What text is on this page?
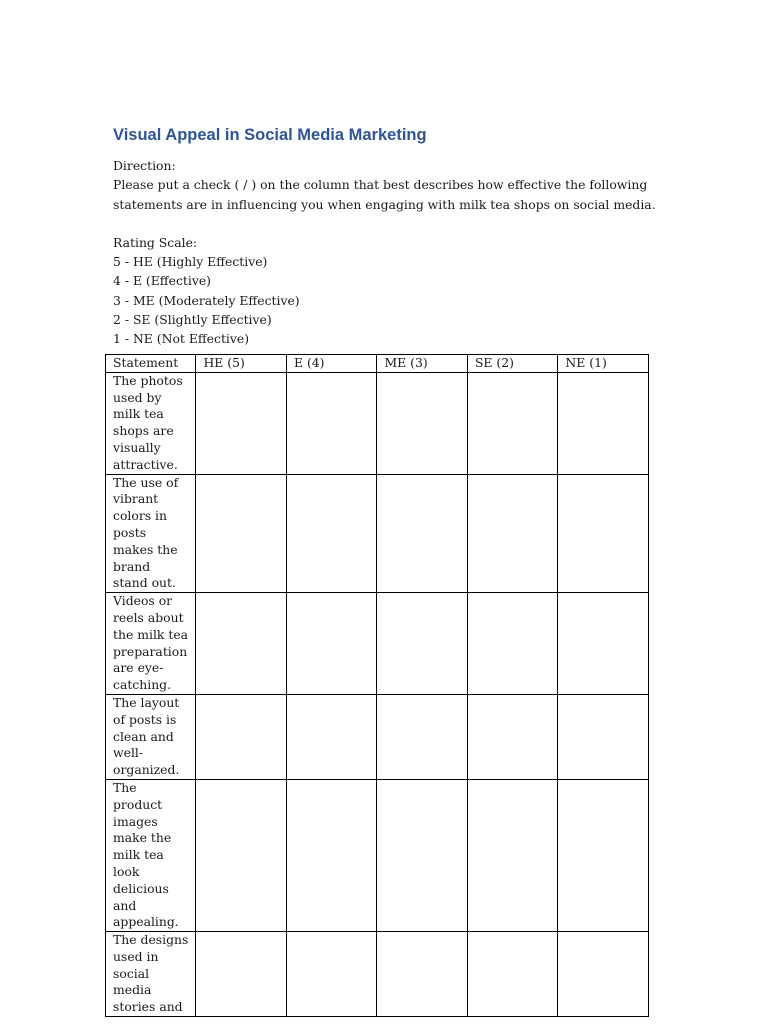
Visual Appeal in Social Media Marketing

Direction:

Please put a check ( / ) on the column that best describes how effective the following

statements are in influencing you when engaging with milk tea shops on social media.

Rating Scale:

5 - HE (Highly Effective)

4 - E (Effective)

3 - ME (Moderately Effective)

2 - SE (Slightly Effective)

1 - NE (Not Effective)

Statement	HE (5)	E (4)	ME (3)	SE (2)	NE (1)
The photos used by milk tea shops are visually attractive.					
The use of vibrant colors in posts makes the brand stand out.					
Videos or reels about the milk tea preparation are eye-catching.					
The layout of posts is clean and well-organized.					
The product images make the milk tea look delicious and appealing.					
The designs used in social media stories and					
